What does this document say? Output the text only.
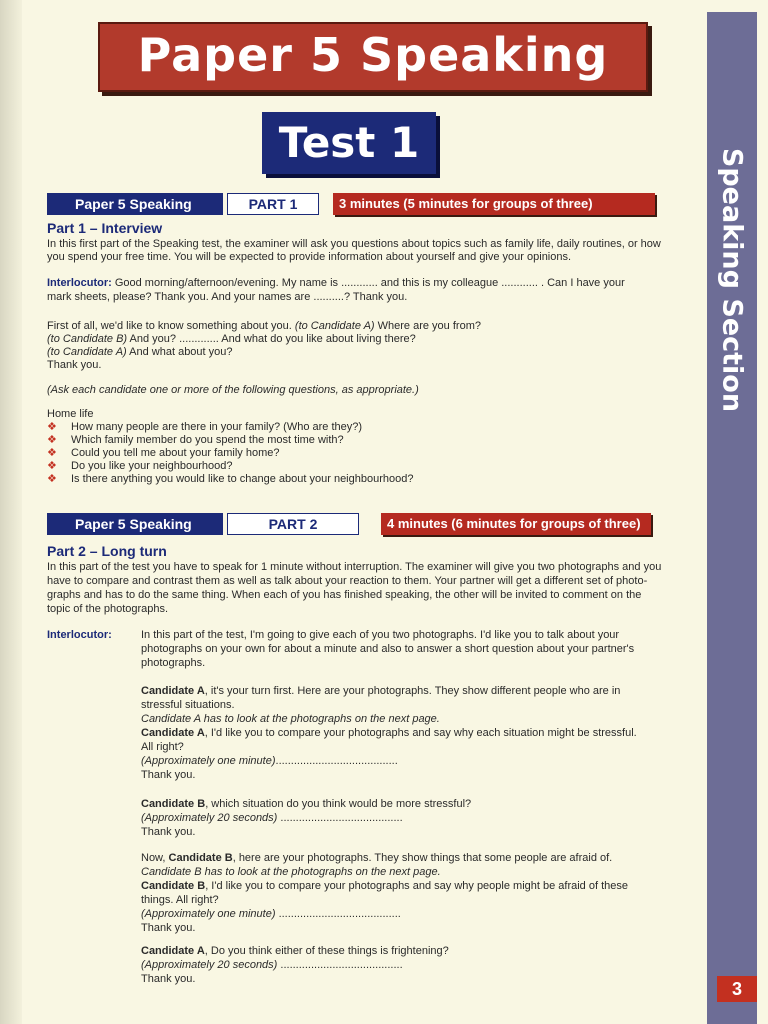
Speaking Section
3
Paper 5 Speaking
Test 1
Paper 5 Speaking	PART 1	3 minutes (5 minutes for groups of three)
Part 1 – Interview
In this first part of the Speaking test, the examiner will ask you questions about topics such as family life, daily routines, or how
you spend your free time. You will be expected to provide information about yourself and give your opinions.
Interlocutor: Good morning/afternoon/evening. My name is ............ and this is my colleague ............ . Can I have your
mark sheets, please? Thank you. And your names are ..........? Thank you.
First of all, we'd like to know something about you. (to Candidate A) Where are you from?
(to Candidate B) And you? ............. And what do you like about living there?
(to Candidate A) And what about you?
Thank you.
(Ask each candidate one or more of the following questions, as appropriate.)
Home life
❖ How many people are there in your family? (Who are they?)
❖ Which family member do you spend the most time with?
❖ Could you tell me about your family home?
❖ Do you like your neighbourhood?
❖ Is there anything you would like to change about your neighbourhood?
Paper 5 Speaking	PART 2	4 minutes (6 minutes for groups of three)
Part 2 – Long turn
In this part of the test you have to speak for 1 minute without interruption. The examiner will give you two photographs and you
have to compare and contrast them as well as talk about your reaction to them. Your partner will get a different set of photo-
graphs and has to do the same thing. When each of you has finished speaking, the other will be invited to comment on the
topic of the photographs.
Interlocutor:	In this part of the test, I'm going to give each of you two photographs. I'd like you to talk about your
photographs on your own for about a minute and also to answer a short question about your partner's
photographs.
Candidate A, it's your turn first. Here are your photographs. They show different people who are in
stressful situations.
Candidate A has to look at the photographs on the next page.
Candidate A, I'd like you to compare your photographs and say why each situation might be stressful.
All right?
(Approximately one minute)........................................
Thank you.
Candidate B, which situation do you think would be more stressful?
(Approximately 20 seconds) ........................................
Thank you.
Now, Candidate B, here are your photographs. They show things that some people are afraid of.
Candidate B has to look at the photographs on the next page.
Candidate B, I'd like you to compare your photographs and say why people might be afraid of these
things. All right?
(Approximately one minute) ........................................
Thank you.
Candidate A, Do you think either of these things is frightening?
(Approximately 20 seconds) ........................................
Thank you.
